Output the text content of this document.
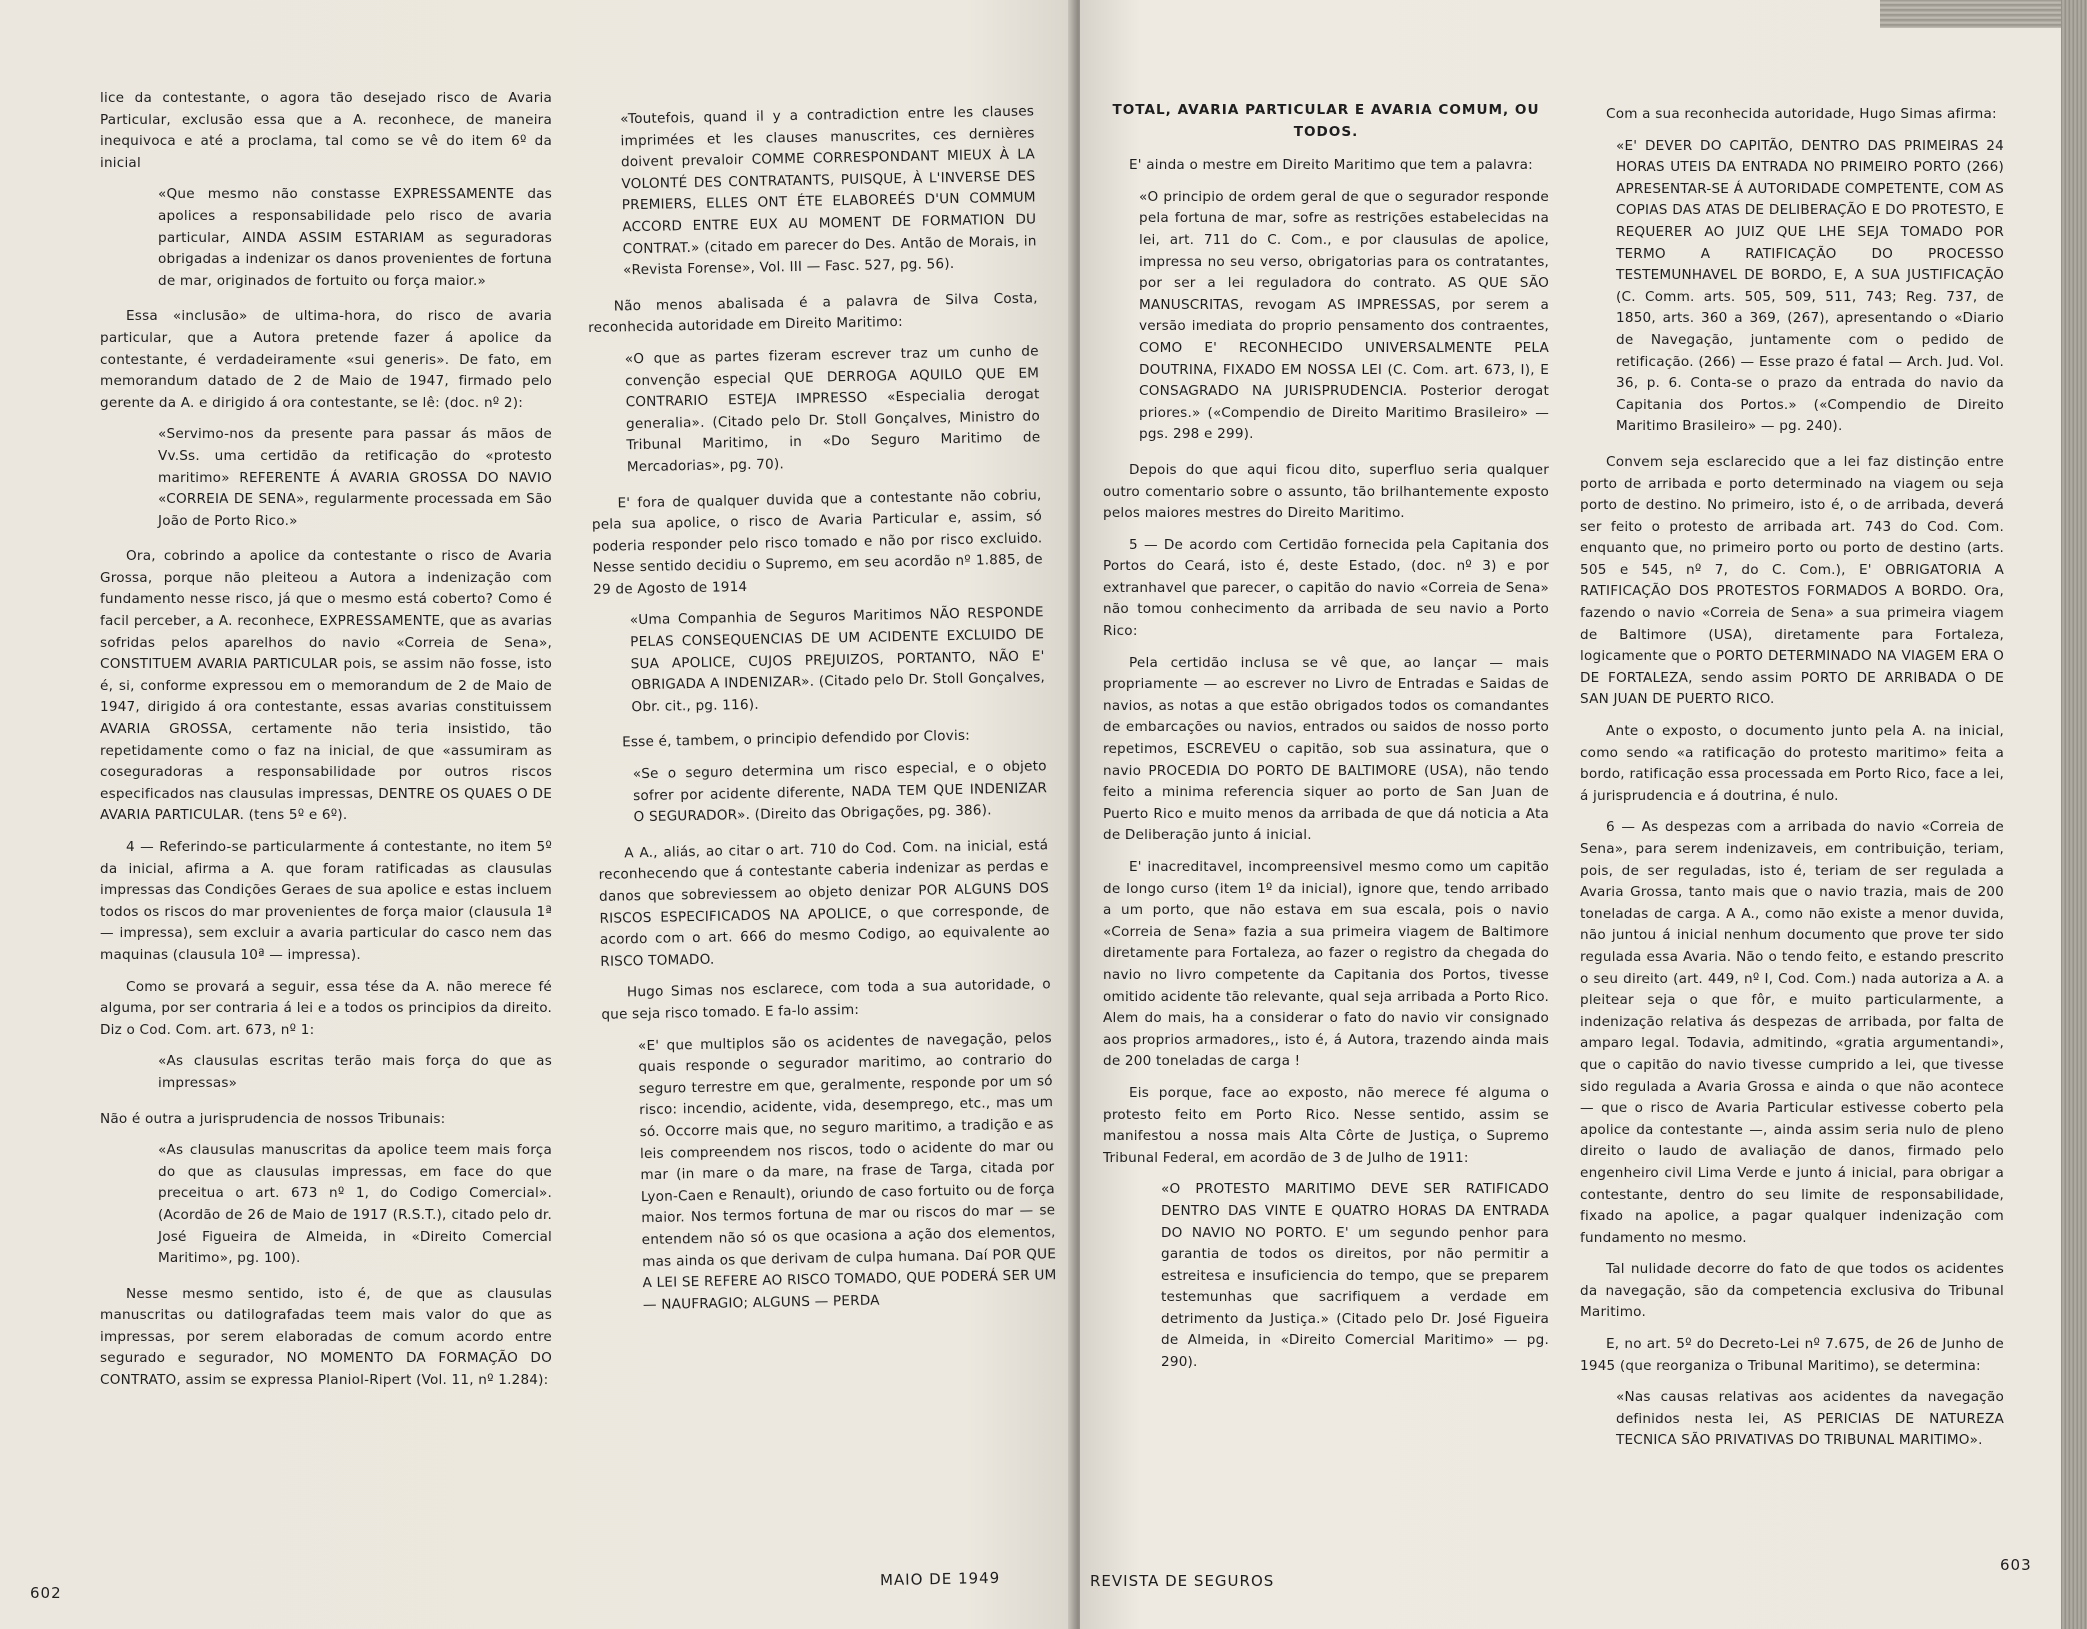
lice da contestante, o agora tão desejado risco de Avaria Particular, exclusão essa que a A. reconhece, de maneira inequivoca e até a proclama, tal como se vê do item 6º da inicial

«Que mesmo não constasse EXPRESSAMENTE das apolices a responsabilidade pelo risco de avaria particular, AINDA ASSIM ESTARIAM as seguradoras obrigadas a indenizar os danos provenientes de fortuna de mar, originados de fortuito ou força maior.»

Essa «inclusão» de ultima-hora, do risco de avaria particular, que a Autora pretende fazer á apolice da contestante, é verdadeiramente «sui generis». De fato, em memorandum datado de 2 de Maio de 1947, firmado pelo gerente da A. e dirigido á ora contestante, se lê: (doc. nº 2):

«Servimo-nos da presente para passar ás mãos de Vv.Ss. uma certidão da retificação do «protesto maritimo» REFERENTE Á AVARIA GROSSA DO NAVIO «CORREIA DE SENA», regularmente processada em São João de Porto Rico.»

Ora, cobrindo a apolice da contestante o risco de Avaria Grossa, porque não pleiteou a Autora a indenização com fundamento nesse risco, já que o mesmo está coberto? Como é facil perceber, a A. reconhece, EXPRESSAMENTE, que as avarias sofridas pelos aparelhos do navio «Correia de Sena», CONSTITUEM AVARIA PARTICULAR pois, se assim não fosse, isto é, si, conforme expressou em o memorandum de 2 de Maio de 1947, dirigido á ora contestante, essas avarias constituissem AVARIA GROSSA, certamente não teria insistido, tão repetidamente como o faz na inicial, de que «assumiram as coseguradoras a responsabilidade por outros riscos especificados nas clausulas impressas, DENTRE OS QUAES O DE AVARIA PARTICULAR. (tens 5º e 6º).

4 — Referindo-se particularmente á contestante, no item 5º da inicial, afirma a A. que foram ratificadas as clausulas impressas das Condições Geraes de sua apolice e estas incluem todos os riscos do mar provenientes de força maior (clausula 1ª — impressa), sem excluir a avaria particular do casco nem das maquinas (clausula 10ª — impressa).

Como se provará a seguir, essa tése da A. não merece fé alguma, por ser contraria á lei e a todos os principios da direito. Diz o Cod. Com. art. 673, nº 1:

«As clausulas escritas terão mais força do que as impressas»

Não é outra a jurisprudencia de nossos Tribunais:

«As clausulas manuscritas da apolice teem mais força do que as clausulas impressas, em face do que preceitua o art. 673 nº 1, do Codigo Comercial». (Acordão de 26 de Maio de 1917 (R.S.T.), citado pelo dr. José Figueira de Almeida, in «Direito Comercial Maritimo», pg. 100).

Nesse mesmo sentido, isto é, de que as clausulas manuscritas ou datilografadas teem mais valor do que as impressas, por serem elaboradas de comum acordo entre segurado e segurador, NO MOMENTO DA FORMAÇÃO DO CONTRATO, assim se expressa Planiol-Ripert (Vol. 11, nº 1.284):

«Toutefois, quand il y a contradiction entre les clauses imprimées et les clauses manuscrites, ces dernières doivent prevaloir COMME CORRESPONDANT MIEUX À LA VOLONTÉ DES CONTRATANTS, PUISQUE, À L'INVERSE DES PREMIERS, ELLES ONT ÉTE ELABOREÉS D'UN COMMUM ACCORD ENTRE EUX AU MOMENT DE FORMATION DU CONTRAT.» (citado em parecer do Des. Antão de Morais, in «Revista Forense», Vol. III — Fasc. 527, pg. 56).

Não menos abalisada é a palavra de Silva Costa, reconhecida autoridade em Direito Maritimo:

«O que as partes fizeram escrever traz um cunho de convenção especial QUE DERROGA AQUILO QUE EM CONTRARIO ESTEJA IMPRESSO «Especialia derogat generalia». (Citado pelo Dr. Stoll Gonçalves, Ministro do Tribunal Maritimo, in «Do Seguro Maritimo de Mercadorias», pg. 70).

E' fora de qualquer duvida que a contestante não cobriu, pela sua apolice, o risco de Avaria Particular e, assim, só poderia responder pelo risco tomado e não por risco excluido. Nesse sentido decidiu o Supremo, em seu acordão nº 1.885, de 29 de Agosto de 1914

«Uma Companhia de Seguros Maritimos NÃO RESPONDE PELAS CONSEQUENCIAS DE UM ACIDENTE EXCLUIDO DE SUA APOLICE, CUJOS PREJUIZOS, PORTANTO, NÃO E' OBRIGADA A INDENIZAR». (Citado pelo Dr. Stoll Gonçalves, Obr. cit., pg. 116).

Esse é, tambem, o principio defendido por Clovis:

«Se o seguro determina um risco especial, e o objeto sofrer por acidente diferente, NADA TEM QUE INDENIZAR O SEGURADOR». (Direito das Obrigações, pg. 386).

A A., aliás, ao citar o art. 710 do Cod. Com. na inicial, está reconhecendo que á contestante caberia indenizar as perdas e danos que sobreviessem ao objeto denizar POR ALGUNS DOS RISCOS ESPECIFICADOS NA APOLICE, o que corresponde, de acordo com o art. 666 do mesmo Codigo, ao equivalente ao RISCO TOMADO.

Hugo Simas nos esclarece, com toda a sua autoridade, o que seja risco tomado. E fa-lo assim:

«E' que multiplos são os acidentes de navegação, pelos quais responde o segurador maritimo, ao contrario do seguro terrestre em que, geralmente, responde por um só risco: incendio, acidente, vida, desemprego, etc., mas um só. Occorre mais que, no seguro maritimo, a tradição e as leis compreendem nos riscos, todo o acidente do mar ou mar (in mare o da mare, na frase de Targa, citada por Lyon-Caen e Renault), oriundo de caso fortuito ou de força maior. Nos termos fortuna de mar ou riscos do mar — se entendem não só os que ocasiona a ação dos elementos, mas ainda os que derivam de culpa humana. Daí POR QUE A LEI SE REFERE AO RISCO TOMADO, QUE PODERÁ SER UM — NAUFRAGIO; ALGUNS — PERDA

602
MAIO DE 1949

TOTAL, AVARIA PARTICULAR E AVARIA COMUM, OU TODOS.

E' ainda o mestre em Direito Maritimo que tem a palavra:

«O principio de ordem geral de que o segurador responde pela fortuna de mar, sofre as restrições estabelecidas na lei, art. 711 do C. Com., e por clausulas de apolice, impressa no seu verso, obrigatorias para os contratantes, por ser a lei reguladora do contrato. AS QUE SÃO MANUSCRITAS, revogam AS IMPRESSAS, por serem a versão imediata do proprio pensamento dos contraentes, COMO E' RECONHECIDO UNIVERSALMENTE PELA DOUTRINA, FIXADO EM NOSSA LEI (C. Com. art. 673, I), E CONSAGRADO NA JURISPRUDENCIA. Posterior derogat priores.» («Compendio de Direito Maritimo Brasileiro» — pgs. 298 e 299).

Depois do que aqui ficou dito, superfluo seria qualquer outro comentario sobre o assunto, tão brilhantemente exposto pelos maiores mestres do Direito Maritimo.

5 — De acordo com Certidão fornecida pela Capitania dos Portos do Ceará, isto é, deste Estado, (doc. nº 3) e por extranhavel que parecer, o capitão do navio «Correia de Sena» não tomou conhecimento da arribada de seu navio a Porto Rico:

Pela certidão inclusa se vê que, ao lançar — mais propriamente — ao escrever no Livro de Entradas e Saidas de navios, as notas a que estão obrigados todos os comandantes de embarcações ou navios, entrados ou saidos de nosso porto repetimos, ESCREVEU o capitão, sob sua assinatura, que o navio PROCEDIA DO PORTO DE BALTIMORE (USA), não tendo feito a minima referencia siquer ao porto de San Juan de Puerto Rico e muito menos da arribada de que dá noticia a Ata de Deliberação junto á inicial.

E' inacreditavel, incompreensivel mesmo como um capitão de longo curso (item 1º da inicial), ignore que, tendo arribado a um porto, que não estava em sua escala, pois o navio «Correia de Sena» fazia a sua primeira viagem de Baltimore diretamente para Fortaleza, ao fazer o registro da chegada do navio no livro competente da Capitania dos Portos, tivesse omitido acidente tão relevante, qual seja arribada a Porto Rico. Alem do mais, ha a considerar o fato do navio vir consignado aos proprios armadores,, isto é, á Autora, trazendo ainda mais de 200 toneladas de carga !

Eis porque, face ao exposto, não merece fé alguma o protesto feito em Porto Rico. Nesse sentido, assim se manifestou a nossa mais Alta Côrte de Justiça, o Supremo Tribunal Federal, em acordão de 3 de Julho de 1911:

«O PROTESTO MARITIMO DEVE SER RATIFICADO DENTRO DAS VINTE E QUATRO HORAS DA ENTRADA DO NAVIO NO PORTO. E' um segundo penhor para garantia de todos os direitos, por não permitir a estreitesa e insuficiencia do tempo, que se preparem testemunhas que sacrifiquem a verdade em detrimento da Justiça.» (Citado pelo Dr. José Figueira de Almeida, in «Direito Comercial Maritimo» — pg. 290).

Com a sua reconhecida autoridade, Hugo Simas afirma:

«E' DEVER DO CAPITÃO, DENTRO DAS PRIMEIRAS 24 HORAS UTEIS DA ENTRADA NO PRIMEIRO PORTO (266) APRESENTAR-SE Á AUTORIDADE COMPETENTE, COM AS COPIAS DAS ATAS DE DELIBERAÇÃO E DO PROTESTO, E REQUERER AO JUIZ QUE LHE SEJA TOMADO POR TERMO A RATIFICAÇÃO DO PROCESSO TESTEMUNHAVEL DE BORDO, E, A SUA JUSTIFICAÇÃO (C. Comm. arts. 505, 509, 511, 743; Reg. 737, de 1850, arts. 360 a 369, (267), apresentando o «Diario de Navegação, juntamente com o pedido de retificação. (266) — Esse prazo é fatal — Arch. Jud. Vol. 36, p. 6. Conta-se o prazo da entrada do navio da Capitania dos Portos.» («Compendio de Direito Maritimo Brasileiro» — pg. 240).

Convem seja esclarecido que a lei faz distinção entre porto de arribada e porto determinado na viagem ou seja porto de destino. No primeiro, isto é, o de arribada, deverá ser feito o protesto de arribada art. 743 do Cod. Com. enquanto que, no primeiro porto ou porto de destino (arts. 505 e 545, nº 7, do C. Com.), E' OBRIGATORIA A RATIFICAÇÃO DOS PROTESTOS FORMADOS A BORDO. Ora, fazendo o navio «Correia de Sena» a sua primeira viagem de Baltimore (USA), diretamente para Fortaleza, logicamente que o PORTO DETERMINADO NA VIAGEM ERA O DE FORTALEZA, sendo assim PORTO DE ARRIBADA O DE SAN JUAN DE PUERTO RICO.

Ante o exposto, o documento junto pela A. na inicial, como sendo «a ratificação do protesto maritimo» feita a bordo, ratificação essa processada em Porto Rico, face a lei, á jurisprudencia e á doutrina, é nulo.

6 — As despezas com a arribada do navio «Correia de Sena», para serem indenizaveis, em contribuição, teriam, pois, de ser reguladas, isto é, teriam de ser regulada a Avaria Grossa, tanto mais que o navio trazia, mais de 200 toneladas de carga. A A., como não existe a menor duvida, não juntou á inicial nenhum documento que prove ter sido regulada essa Avaria. Não o tendo feito, e estando prescrito o seu direito (art. 449, nº I, Cod. Com.) nada autoriza a A. a pleitear seja o que fôr, e muito particularmente, a indenização relativa ás despezas de arribada, por falta de amparo legal. Todavia, admitindo, «gratia argumentandi», que o capitão do navio tivesse cumprido a lei, que tivesse sido regulada a Avaria Grossa e ainda o que não acontece — que o risco de Avaria Particular estivesse coberto pela apolice da contestante —, ainda assim seria nulo de pleno direito o laudo de avaliação de danos, firmado pelo engenheiro civil Lima Verde e junto á inicial, para obrigar a contestante, dentro do seu limite de responsabilidade, fixado na apolice, a pagar qualquer indenização com fundamento no mesmo.

Tal nulidade decorre do fato de que todos os acidentes da navegação, são da competencia exclusiva do Tribunal Maritimo.

E, no art. 5º do Decreto-Lei nº 7.675, de 26 de Junho de 1945 (que reorganiza o Tribunal Maritimo), se determina:

«Nas causas relativas aos acidentes da navegação definidos nesta lei, AS PERICIAS DE NATUREZA TECNICA SÃO PRIVATIVAS DO TRIBUNAL MARITIMO».

REVISTA DE SEGUROS
603
